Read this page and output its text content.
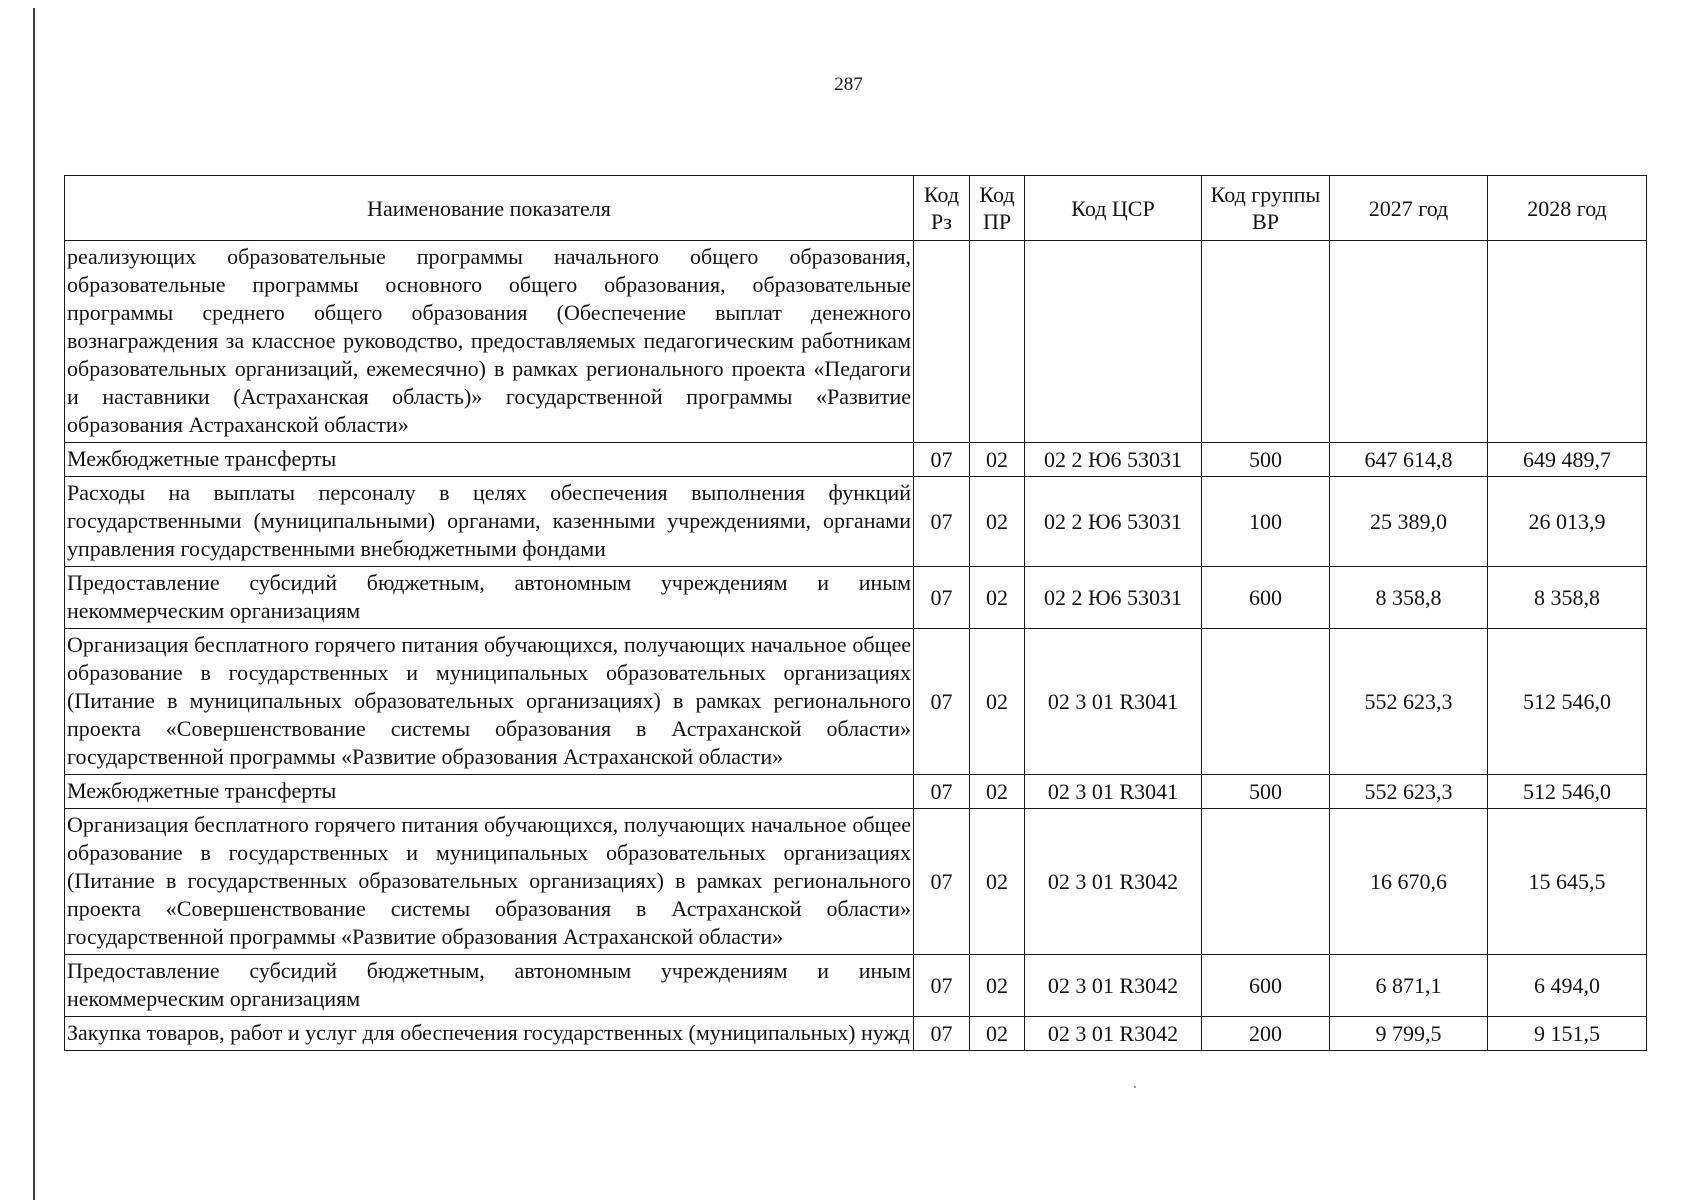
287
Наименование показателя	Код Рз	Код ПР	Код ЦСР	Код группы ВР	2027 год	2028 год

реализующих образовательные программы начального общего образования, образовательные программы основного общего образования, образовательные программы среднего общего образования (Обеспечение выплат денежного вознаграждения за классное руководство, предоставляемых педагогическим работникам образовательных организаций, ежемесячно) в рамках регионального проекта «Педагоги и наставники (Астраханская область)» государственной программы «Развитие образования Астраханской области»						
Межбюджетные трансферты	07	02	02 2 Ю6 53031	500	647 614,8	649 489,7
Расходы на выплаты персоналу в целях обеспечения выполнения функций государственными (муниципальными) органами, казенными учреждениями, органами управления государственными внебюджетными фондами	07	02	02 2 Ю6 53031	100	25 389,0	26 013,9
Предоставление субсидий бюджетным, автономным учреждениям и иным некоммерческим организациям	07	02	02 2 Ю6 53031	600	8 358,8	8 358,8
Организация бесплатного горячего питания обучающихся, получающих начальное общее образование в государственных и муниципальных образовательных организациях (Питание в муниципальных образовательных организациях) в рамках регионального проекта «Совершенствование системы образования в Астраханской области» государственной программы «Развитие образования Астраханской области»	07	02	02 3 01 R3041		552 623,3	512 546,0
Межбюджетные трансферты	07	02	02 3 01 R3041	500	552 623,3	512 546,0
Организация бесплатного горячего питания обучающихся, получающих начальное общее образование в государственных и муниципальных образовательных организациях (Питание в государственных образовательных организациях) в рамках регионального проекта «Совершенствование системы образования в Астраханской области» государственной программы «Развитие образования Астраханской области»	07	02	02 3 01 R3042		16 670,6	15 645,5
Предоставление субсидий бюджетным, автономным учреждениям и иным некоммерческим организациям	07	02	02 3 01 R3042	600	6 871,1	6 494,0
Закупка товаров, работ и услуг для обеспечения государственных (муниципальных) нужд	07	02	02 3 01 R3042	200	9 799,5	9 151,5
